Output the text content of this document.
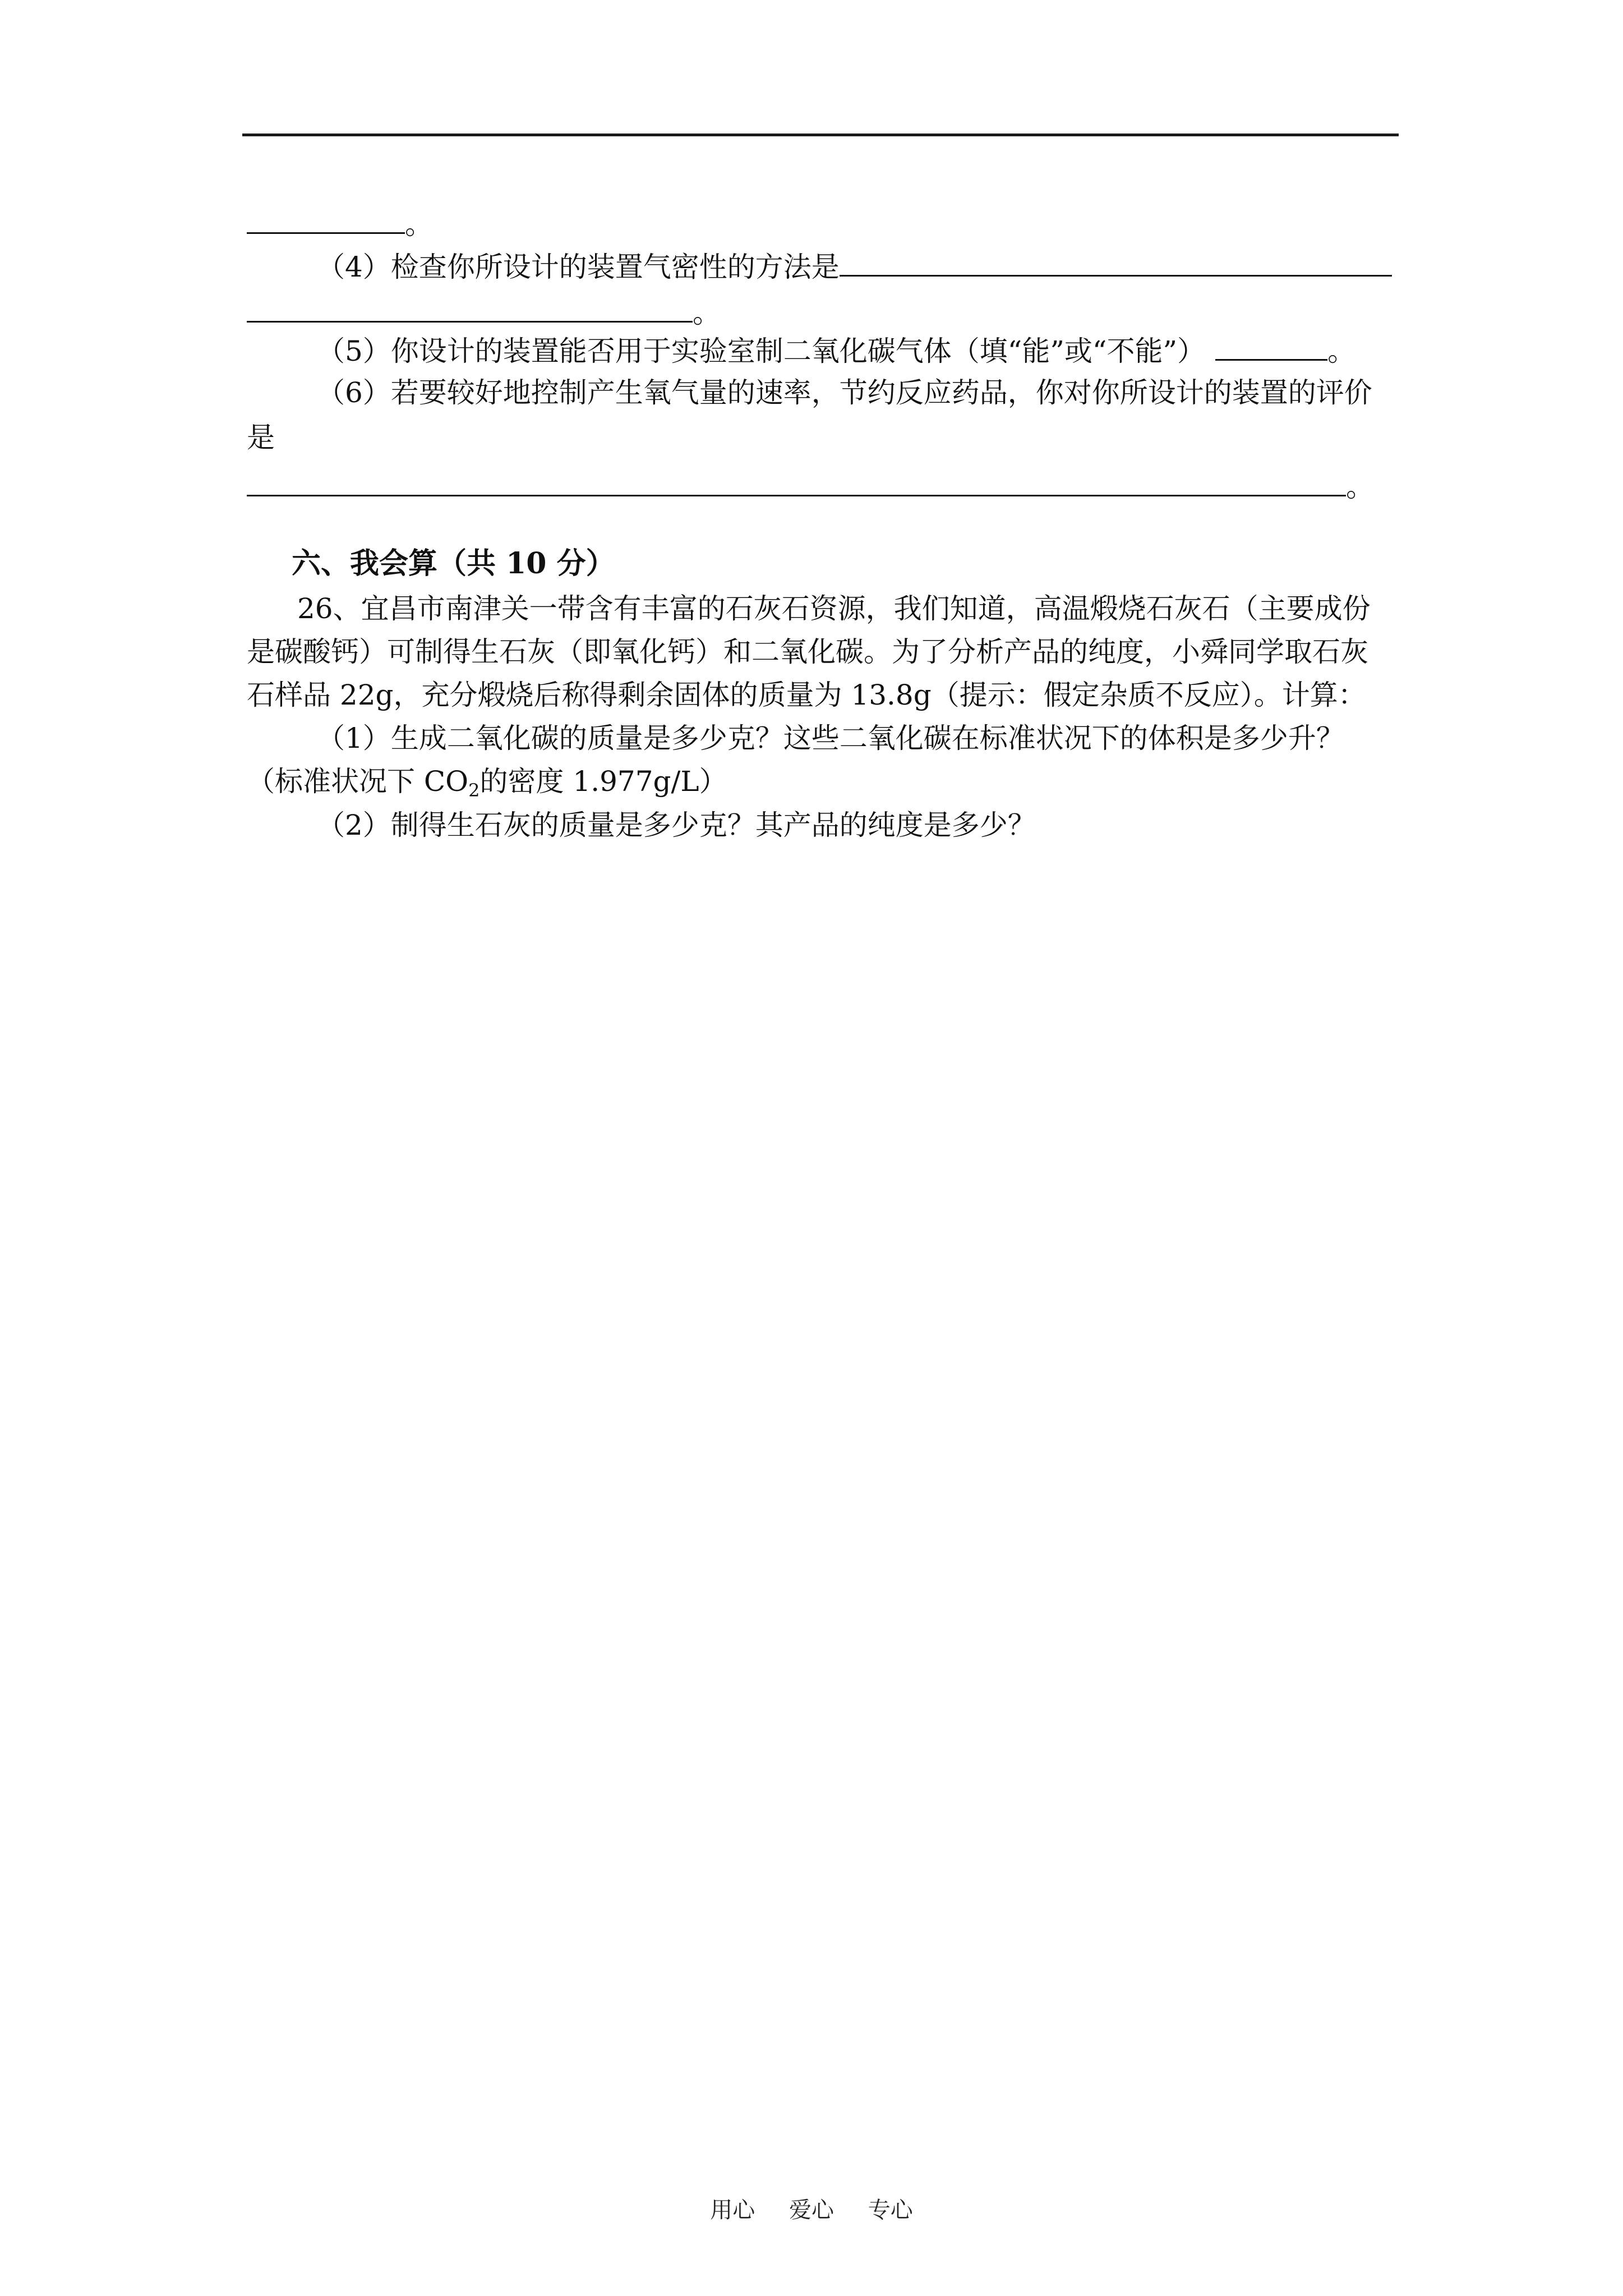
。
（4）检查你所设计的装置气密性的方法是
。
（5）你设计的装置能否用于实验室制二氧化碳气体（填“能”或“不能”）	。
（6）若要较好地控制产生氧气量的速率，节约反应药品，你对你所设计的装置的评价
是
。
六、我会算（共 10 分）
26、宜昌市南津关一带含有丰富的石灰石资源，我们知道，高温煅烧石灰石（主要成份
是碳酸钙）可制得生石灰（即氧化钙）和二氧化碳。为了分析产品的纯度，小舜同学取石灰
石样品 22g，充分煅烧后称得剩余固体的质量为 13.8g（提示：假定杂质不反应）。计算：
（1）生成二氧化碳的质量是多少克？这些二氧化碳在标准状况下的体积是多少升？
（标准状况下 $CO_2$的密度 1.977g/L）
（2）制得生石灰的质量是多少克？其产品的纯度是多少？
用心 爱心 专心
